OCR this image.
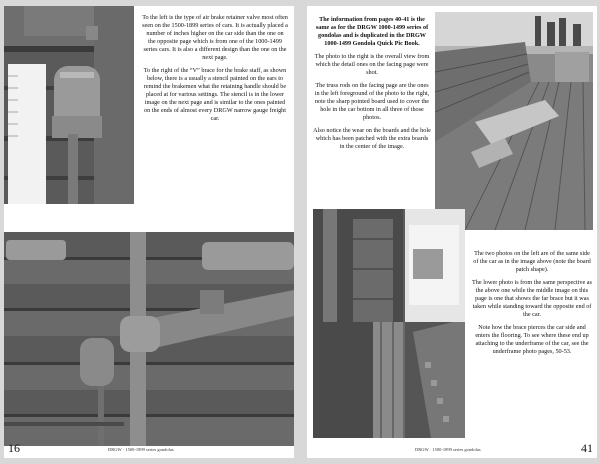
To the left is the type of air brake retainer valve most often seen on the 1500-1899 series of cars. It is actually placed a number of inches higher on the car side than the one on the opposite page which is from one of the 1000-1499 series cars. It is also a different design than the one on the next page.

To the right of the “V” brace for the brake staff, as shown below, there is a usually a stencil painted on the ears to remind the brakemen what the retaining handle should be placed at for various settings. The stencil is in the lower image on the next page and is similar to the ones painted on the ends of almost every DRGW narrow gauge freight car.

16	DRGW · 1500-1899 series gondolas

The information from pages 40-41 is the same as for the DRGW 1000-1499 series of gondolas and is duplicated in the DRGW 1000-1499 Gondola Quick Pic Book.

The photo to the right is the overall view from which the detail ones on the facing page were shot.

The truss rods on the facing page are the ones in the left foreground of the photo to the right, note the sharp pointed board used to cover the hole in the car bottom in all three of those photos.

Also notice the wear on the boards and the hole which has been patched with the extra boards in the center of the image.

The two photos on the left are of the same side of the car as in the image above (note the board patch shape).

The lower photo is from the same perspective as the above one while the middle image on this page is one that shows the far brace but it was taken while standing toward the opposite end of the car.

Note how the brace pierces the car side and enters the flooring. To see where these end up attaching to the underframe of the car, see the underframe photo pages, 50-53.

41
DRGW · 1500-1899 series gondolas
